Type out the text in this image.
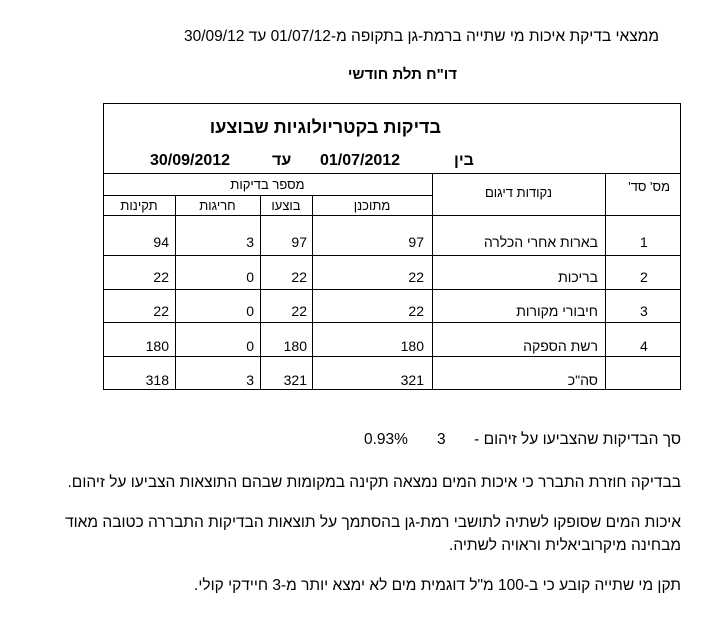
ממצאי בדיקת איכות מי שתייה ברמת-גן בתקופה מ-01/07/12 עד 30/09/12
דו"ח תלת חודשי
בדיקות בקטריולוגיות שבוצעו
בין
01/07/2012
עד
30/09/2012
מס' סד'
נקודות דיגום
מספר בדיקות
מתוכנן
בוצעו
חריגות
תקינות
1
בארות אחרי הכלרה
97
97
3
94
2
בריכות
22
22
0
22
3
חיבורי מקורות
22
22
0
22
4
רשת הספקה
180
180
0
180
סה"כ
321
321
3
318
סך הבדיקות שהצביעו על זיהום -
3
0.93%
בבדיקה חוזרת התברר כי איכות המים נמצאה תקינה במקומות שבהם התוצאות הצביעו על זיהום.
איכות המים שסופקו לשתיה לתושבי רמת-גן בהסתמך על תוצאות הבדיקות התבררה כטובה מאוד
מבחינה מיקרוביאלית וראויה לשתיה.
תקן מי שתייה קובע כי ב-100 מ"ל דוגמית מים לא ימצא יותר מ-3 חיידקי קולי.
